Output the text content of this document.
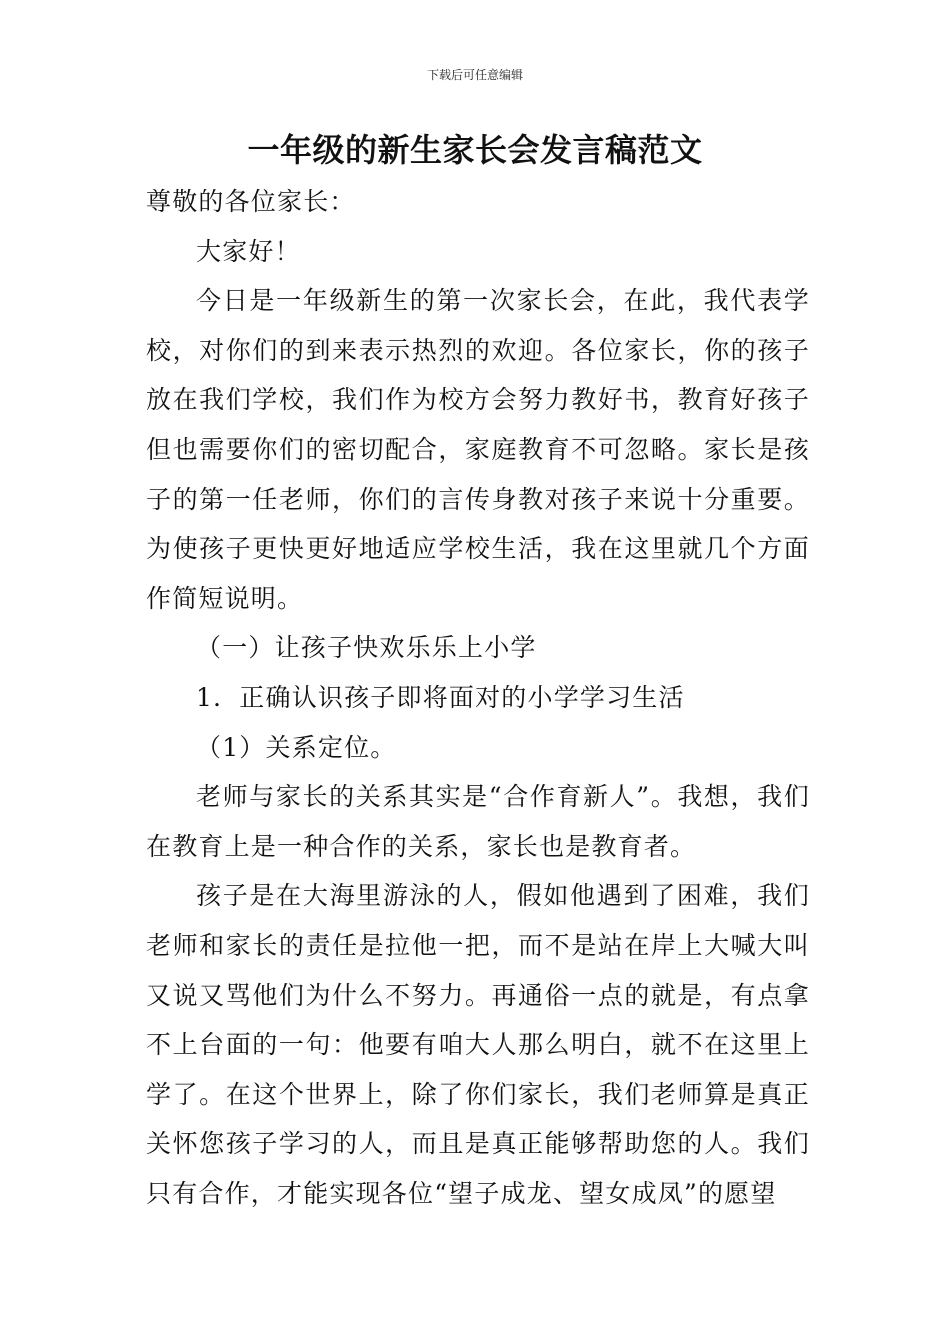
下载后可任意编辑
一年级的新生家长会发言稿范文

尊敬的各位家长：

大家好！

今日是一年级新生的第一次家长会，在此，我代表学校，对你们的到来表示热烈的欢迎。各位家长，你的孩子放在我们学校，我们作为校方会努力教好书，教育好孩子但也需要你们的密切配合，家庭教育不可忽略。家长是孩子的第一任老师，你们的言传身教对孩子来说十分重要。为使孩子更快更好地适应学校生活，我在这里就几个方面作简短说明。

（一）让孩子快欢乐乐上小学

1．正确认识孩子即将面对的小学学习生活

（1）关系定位。

老师与家长的关系其实是“合作育新人”。我想，我们在教育上是一种合作的关系，家长也是教育者。

孩子是在大海里游泳的人，假如他遇到了困难，我们老师和家长的责任是拉他一把，而不是站在岸上大喊大叫又说又骂他们为什么不努力。再通俗一点的就是，有点拿不上台面的一句：他要有咱大人那么明白，就不在这里上学了。在这个世界上，除了你们家长，我们老师算是真正关怀您孩子学习的人，而且是真正能够帮助您的人。我们只有合作，才能实现各位“望子成龙、望女成凤”的愿望
